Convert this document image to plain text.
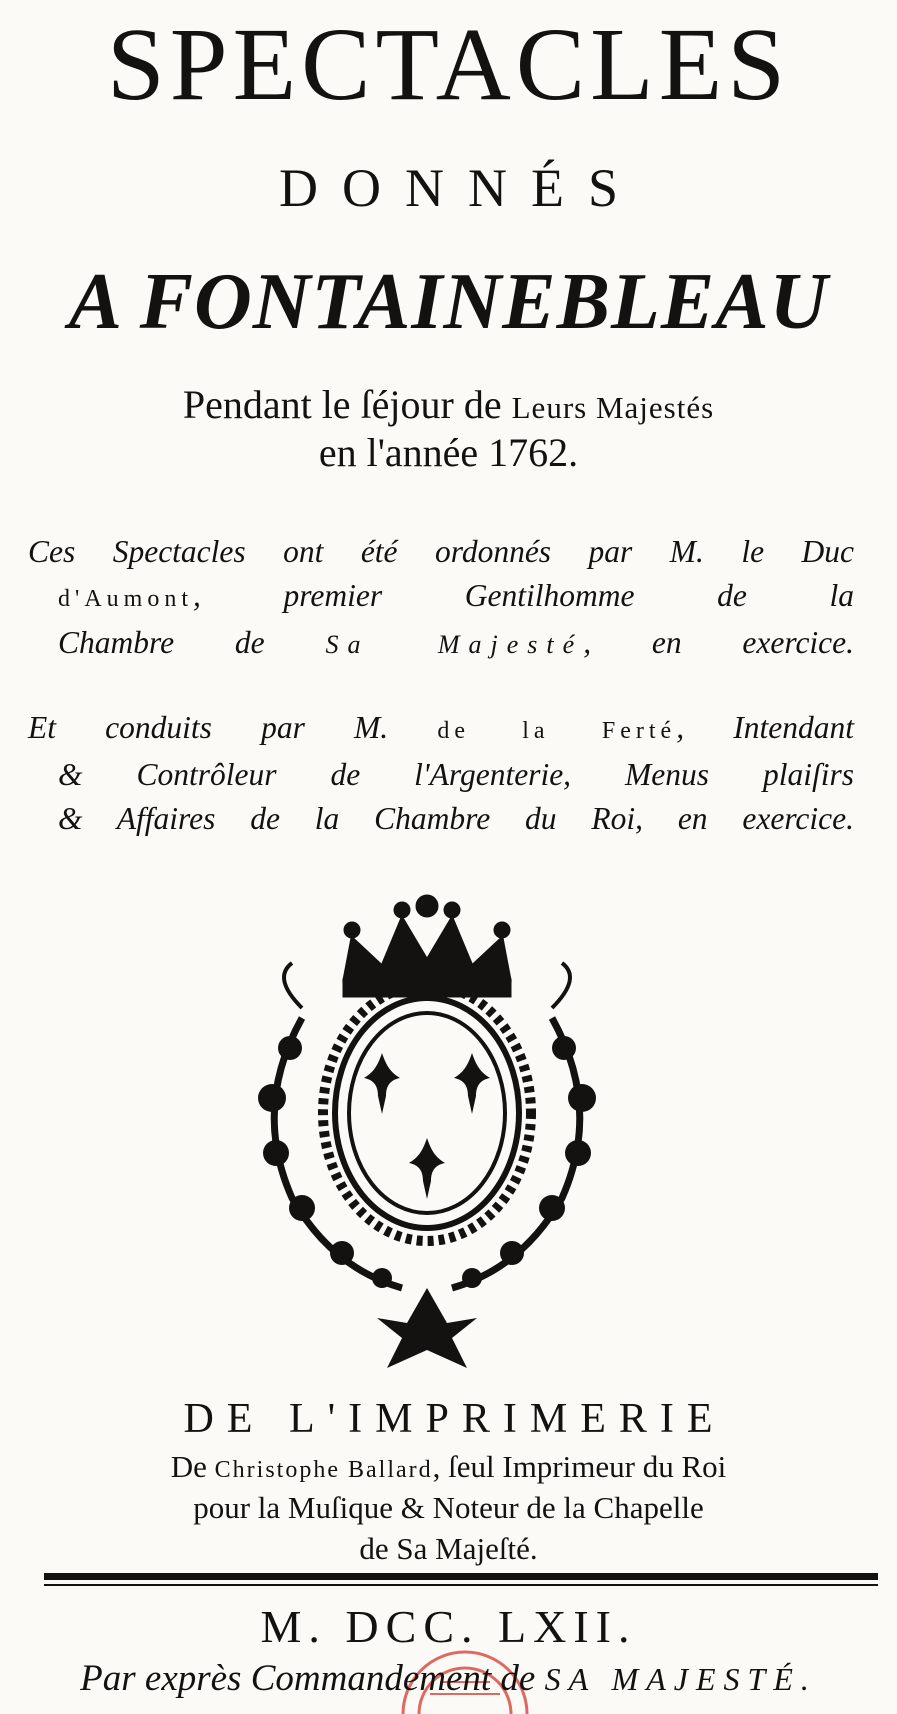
SPECTACLES
DONNÉS
A FONTAINEBLEAU
Pendant le ſéjour de Leurs Majestés
en l'année 1762.
Ces Spectacles ont été ordonnés par M. le Duc
d'Aumont, premier Gentilhomme de la
Chambre de Sa Majesté, en exercice.
Et conduits par M. de la Ferté, Intendant
& Contrôleur de l'Argenterie, Menus plaiſirs
& Affaires de la Chambre du Roi, en exercice.
DE L'IMPRIMERIE
De Christophe Ballard, ſeul Imprimeur du Roi
pour la Muſique & Noteur de la Chapelle
de Sa Majeſté.
M. DCC. LXII.
Par exprès Commandement de SA MAJESTÉ.
